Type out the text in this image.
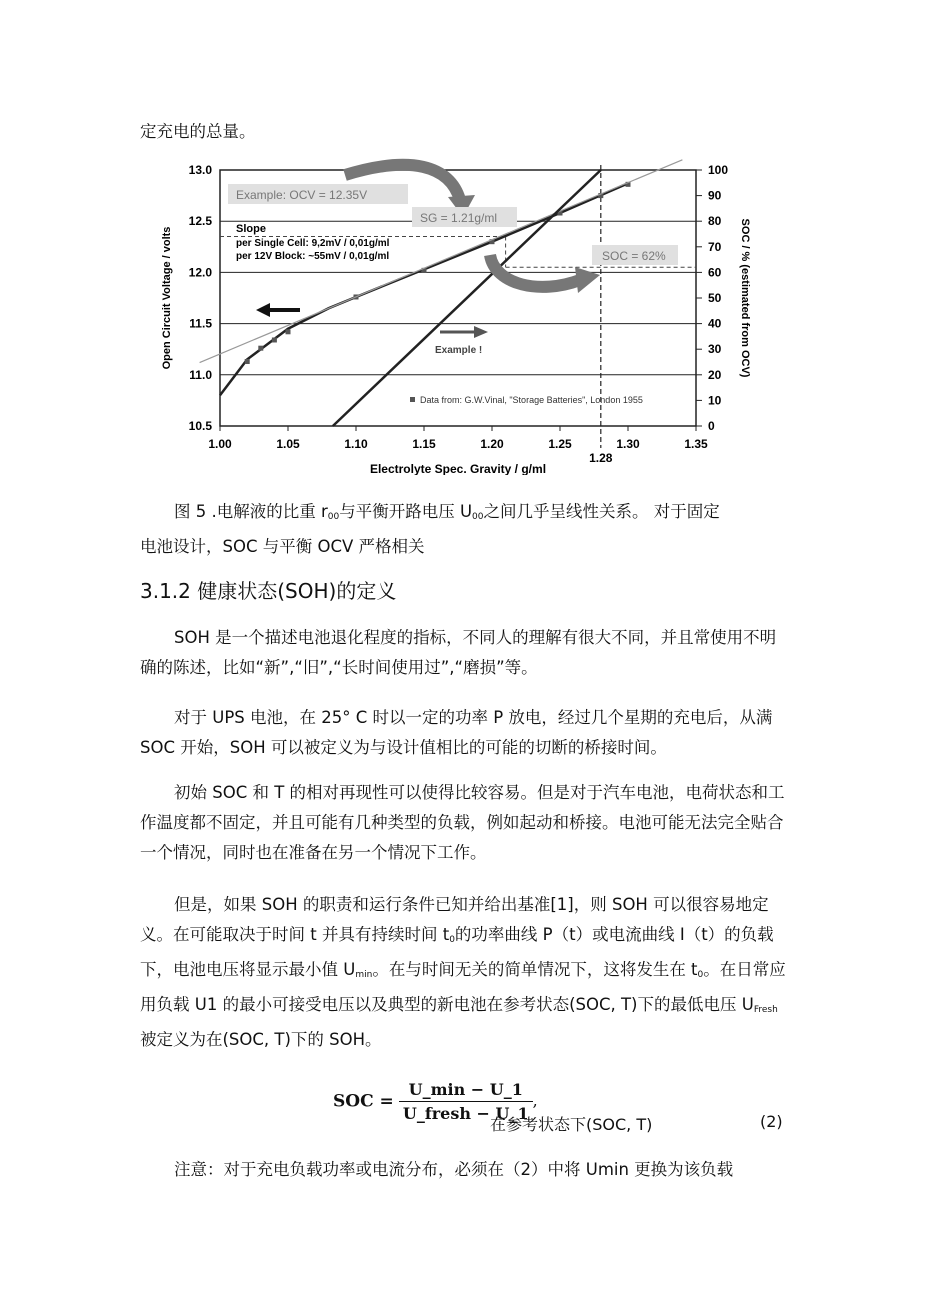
定充电的总量。
10.5
11.0
11.5
12.0
12.5
13.0
0
10
20
30
40
50
60
70
80
90
100
1.00	1.05	1.10	1.15	1.20	1.25	1.30	1.35
1.28
Example: OCV = 12.35V
SG = 1.21g/ml
SOC = 62%
Slope
per Single Cell: 9,2mV / 0,01g/ml
per 12V Block: ~55mV / 0,01g/ml
Example !
Data from: G.W.Vinal, "Storage Batteries", London 1955
Electrolyte Spec. Gravity / g/ml
Open Circuit Voltage / volts	SOC / % (estimated from OCV)
图 5 .电解液的比重 $r_{00}$与平衡开路电压 $U_{00}$之间几乎呈线性关系。 对于固定
电池设计，SOC 与平衡 OCV 严格相关
3.1.2 健康状态(SOH)的定义
SOH 是一个描述电池退化程度的指标，不同人的理解有很大不同，并且常使用不明确的陈述，比如“新”,“旧”,“长时间使用过”,“磨损”等。
对于 UPS 电池，在 25° C 时以一定的功率 P 放电，经过几个星期的充电后，从满 SOC 开始，SOH 可以被定义为与设计值相比的可能的切断的桥接时间。
初始 SOC 和 T 的相对再现性可以使得比较容易。但是对于汽车电池，电荷状态和工作温度都不固定，并且可能有几种类型的负载，例如起动和桥接。电池可能无法完全贴合一个情况，同时也在准备在另一个情况下工作。
但是，如果 SOH 的职责和运行条件已知并给出基准[1]，则 SOH 可以很容易地定义。在可能取决于时间 t 并具有持续时间 $t_0$的功率曲线 P（t）或电流曲线 I（t）的负载下，电池电压将显示最小值 $U_{min}$。在与时间无关的简单情况下，这将发生在 $t_0$。在日常应用负载 U1 的最小可接受电压以及典型的新电池在参考状态(SOC, T)下的最低电压 $U_{Fresh}$被定义为在(SOC, T)下的 SOH。
SOC = $\frac{U\_\min - U\_1}{\text{U\_fresh − U\_1}}$ ,
在参考状态下(SOC, T)	(2)
注意：对于充电负载功率或电流分布，必须在（2）中将 Umin 更换为该负载
